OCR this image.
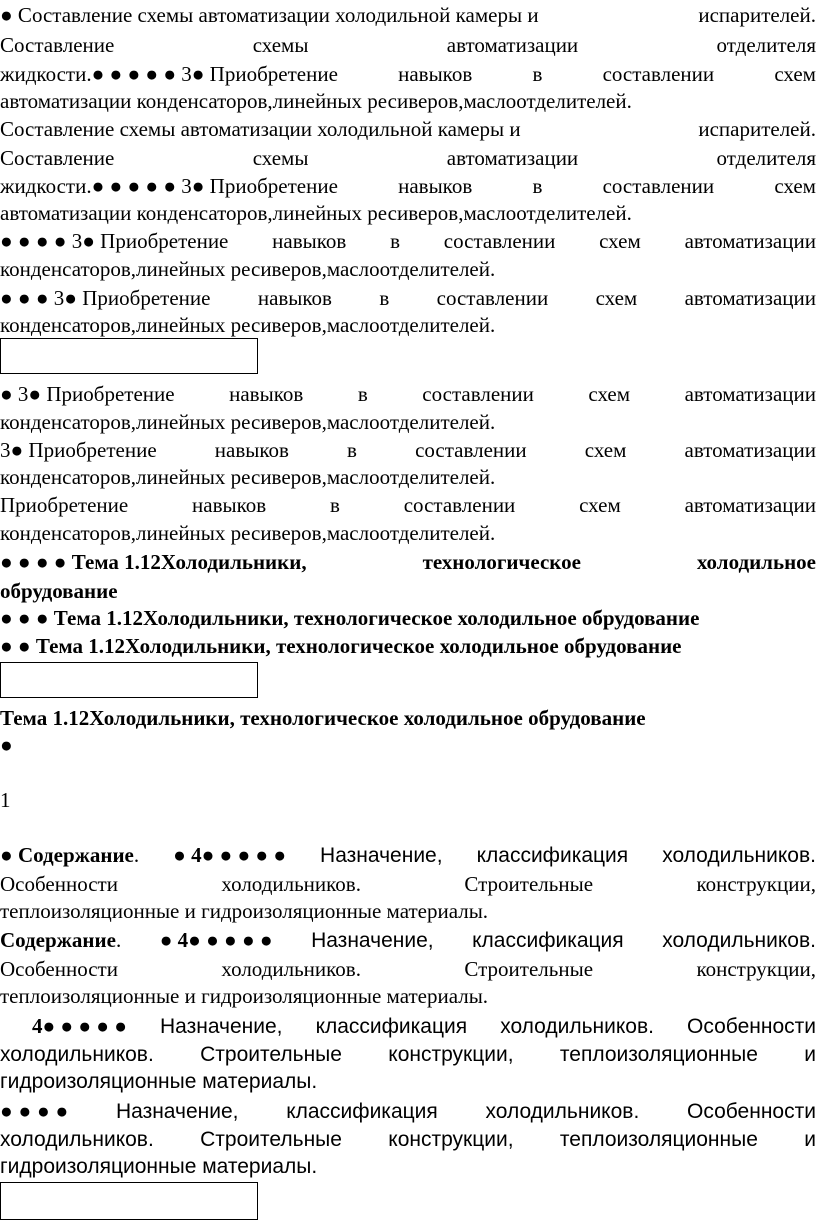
● Составление схемы автоматизации холодильной камеры и	испарителей.
Составление	схемы	автоматизации	отделителя
жидкости.● ● ● ● ● 3● Приобретение	навыков	в	составлении	схем
автоматизации конденсаторов,линейных ресиверов,маслоотделителей.
Составление схемы автоматизации холодильной камеры и	испарителей.
Составление	схемы	автоматизации	отделителя
жидкости.● ● ● ● ● 3● Приобретение	навыков	в	составлении	схем
автоматизации конденсаторов,линейных ресиверов,маслоотделителей.
● ● ● ● 3● Приобретение навыков в составлении схем автоматизации
конденсаторов,линейных ресиверов,маслоотделителей.
● ● ● 3● Приобретение навыков в составлении схем автоматизации
конденсаторов,линейных ресиверов,маслоотделителей.
● 3● Приобретение	навыков	в	составлении	схем	автоматизации
конденсаторов,линейных ресиверов,маслоотделителей.
3● Приобретение	навыков	в	составлении	схем	автоматизации
конденсаторов,линейных ресиверов,маслоотделителей.
Приобретение	навыков	в	составлении	схем	автоматизации
конденсаторов,линейных ресиверов,маслоотделителей.
● ● ● ● Тема 1.12Холодильники,	технологическое	холодильное
обрудование
● ● ● Тема 1.12Холодильники, технологическое холодильное обрудование
● ● Тема 1.12Холодильники, технологическое холодильное обрудование
Тема 1.12Холодильники, технологическое холодильное обрудование
●
1
● Содержание. ● 4● ● ● ● ● Назначение, классификация холодильников.
Особенности	холодильников.	Строительные	конструкции,
теплоизоляционные и гидроизоляционные материалы.
Содержание. ● 4● ● ● ● ● Назначение, классификация холодильников.
Особенности	холодильников.	Строительные	конструкции,
теплоизоляционные и гидроизоляционные материалы.
4● ● ● ● ● Назначение, классификация холодильников. Особенности
холодильников. Строительные конструкции, теплоизоляционные и
гидроизоляционные материалы.
● ● ● ● Назначение, классификация холодильников. Особенности
холодильников. Строительные конструкции, теплоизоляционные и
гидроизоляционные материалы.
